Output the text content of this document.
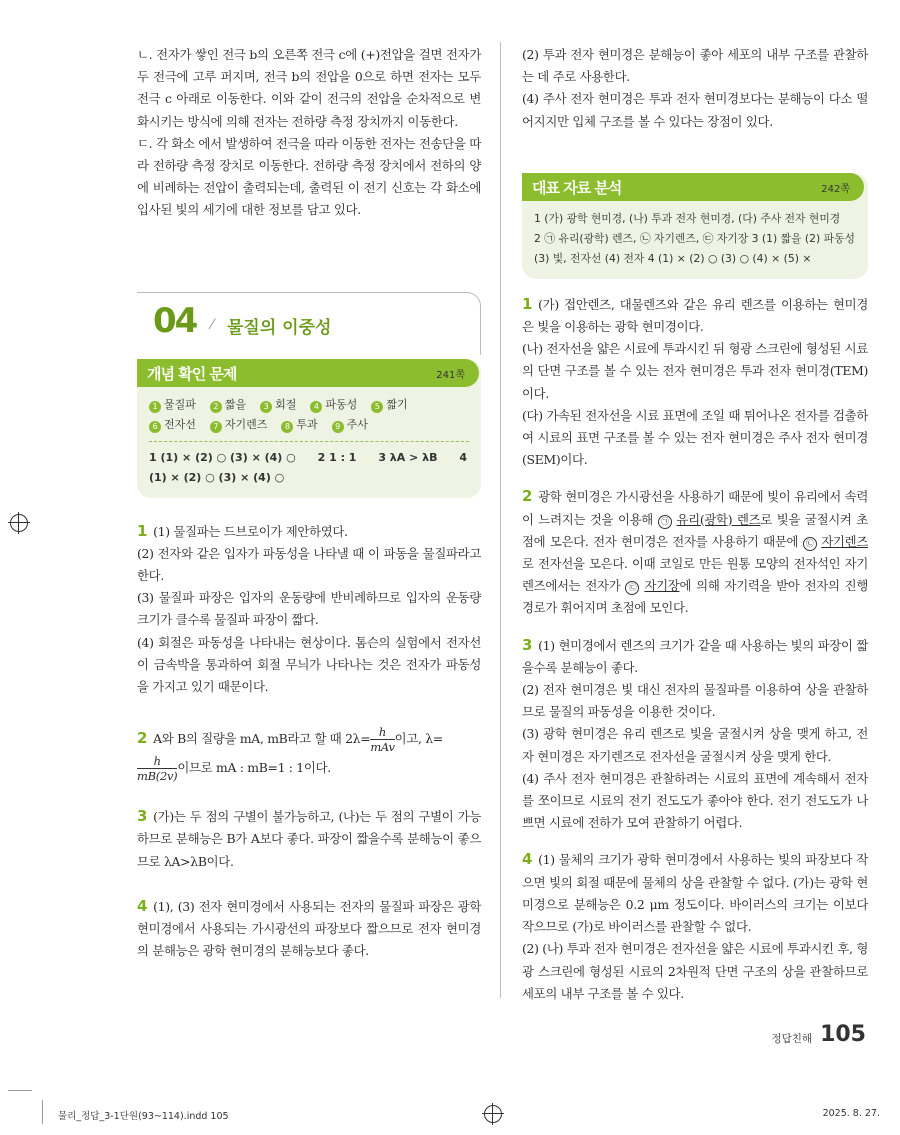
ㄴ. 전자가 쌓인 전극 b의 오른쪽 전극 c에 (+)전압을 걸면 전자가 두 전극에 고루 퍼지며, 전극 b의 전압을 0으로 하면 전자는 모두 전극 c 아래로 이동한다. 이와 같이 전극의 전압을 순차적으로 변화시키는 방식에 의해 전자는 전하량 측정 장치까지 이동한다.

ㄷ. 각 화소 에서 발생하여 전극을 따라 이동한 전자는 전송단을 따라 전하량 측정 장치로 이동한다. 전하량 측정 장치에서 전하의 양에 비례하는 전압이 출력되는데, 출력된 이 전기 신호는 각 화소에 입사된 빛의 세기에 대한 정보를 담고 있다.

04 ⁄ 물질의 이중성
개념 확인 문제	241쪽
1 물질파 2 짧을 3 회절 4 파동성 5 짧기6 전자선 7 자기렌즈 8 투과 9 주사
1 (1) × (2) ○ (3) × (4) ○ 2 1 : 1 3 λA > λB 4 (1) × (2) ○ (3) × (4) ○

1 (1) 물질파는 드브로이가 제안하였다.

(2) 전자와 같은 입자가 파동성을 나타낼 때 이 파동을 물질파라고 한다.

(3) 물질파 파장은 입자의 운동량에 반비례하므로 입자의 운동량 크기가 클수록 물질파 파장이 짧다.

(4) 회절은 파동성을 나타내는 현상이다. 톰슨의 실험에서 전자선이 금속박을 통과하여 회절 무늬가 나타나는 것은 전자가 파동성을 가지고 있기 때문이다.

2 A와 B의 질량을 mA, mB라고 할 때 2λ= h
mAv
이고, λ=

$\frac{h}{mB(2v)}$ 이므로 mA : mB=1 : 1이다.

3 (가)는 두 점의 구별이 불가능하고, (나)는 두 점의 구별이 가능하므로 분해능은 B가 A보다 좋다. 파장이 짧을수록 분해능이 좋으므로 λA>λB이다.

4 (1), (3) 전자 현미경에서 사용되는 전자의 물질파 파장은 광학 현미경에서 사용되는 가시광선의 파장보다 짧으므로 전자 현미경의 분해능은 광학 현미경의 분해능보다 좋다.

(2) 투과 전자 현미경은 분해능이 좋아 세포의 내부 구조를 관찰하는 데 주로 사용한다.

(4) 주사 전자 현미경은 투과 전자 현미경보다는 분해능이 다소 떨어지지만 입체 구조를 볼 수 있다는 장점이 있다.

대표 자료 분석	242쪽
1 (가) 광학 현미경, (나) 투과 전자 현미경, (다) 주사 전자 현미경
2 ㉠ 유리(광학) 렌즈, ㉡ 자기렌즈, ㉢ 자기장 3 (1) 짧을 (2) 파동성 (3) 빛, 전자선 (4) 전자 4 (1) × (2) ○ (3) ○ (4) × (5) ×

1 (가) 접안렌즈, 대물렌즈와 같은 유리 렌즈를 이용하는 현미경은 빛을 이용하는 광학 현미경이다.

(나) 전자선을 얇은 시료에 투과시킨 뒤 형광 스크린에 형성된 시료의 단면 구조를 볼 수 있는 전자 현미경은 투과 전자 현미경(TEM)이다.

(다) 가속된 전자선을 시료 표면에 조일 때 튀어나온 전자를 검출하여 시료의 표면 구조를 볼 수 있는 전자 현미경은 주사 전자 현미경(SEM)이다.

2 광학 현미경은 가시광선을 사용하기 때문에 빛이 유리에서 속력이 느려지는 것을 이용해 ㉠ 유리(광학) 렌즈로 빛을 굴절시켜 초점에 모은다. 전자 현미경은 전자를 사용하기 때문에 ㉡ 자기렌즈로 전자선을 모은다. 이때 코일로 만든 원통 모양의 전자석인 자기렌즈에서는 전자가 ㉢ 자기장에 의해 자기력을 받아 전자의 진행 경로가 휘어지며 초점에 모인다.

3 (1) 현미경에서 렌즈의 크기가 같을 때 사용하는 빛의 파장이 짧을수록 분해능이 좋다.

(2) 전자 현미경은 빛 대신 전자의 물질파를 이용하여 상을 관찰하므로 물질의 파동성을 이용한 것이다.

(3) 광학 현미경은 유리 렌즈로 빛을 굴절시켜 상을 맺게 하고, 전자 현미경은 자기렌즈로 전자선을 굴절시켜 상을 맺게 한다.

(4) 주사 전자 현미경은 관찰하려는 시료의 표면에 계속해서 전자를 쪼이므로 시료의 전기 전도도가 좋아야 한다. 전기 전도도가 나쁘면 시료에 전하가 모여 관찰하기 어렵다.

4 (1) 물체의 크기가 광학 현미경에서 사용하는 빛의 파장보다 작으면 빛의 회절 때문에 물체의 상을 관찰할 수 없다. (가)는 광학 현미경으로 분해능은 0.2 μm 정도이다. 바이러스의 크기는 이보다 작으므로 (가)로 바이러스를 관찰할 수 없다.

(2) (나) 투과 전자 현미경은 전자선을 얇은 시료에 투과시킨 후, 형광 스크린에 형성된 시료의 2차원적 단면 구조의 상을 관찰하므로 세포의 내부 구조를 볼 수 있다.

정답친해 105
물리_정답_3-1단원(93~114).indd 105	2025. 8. 27.
